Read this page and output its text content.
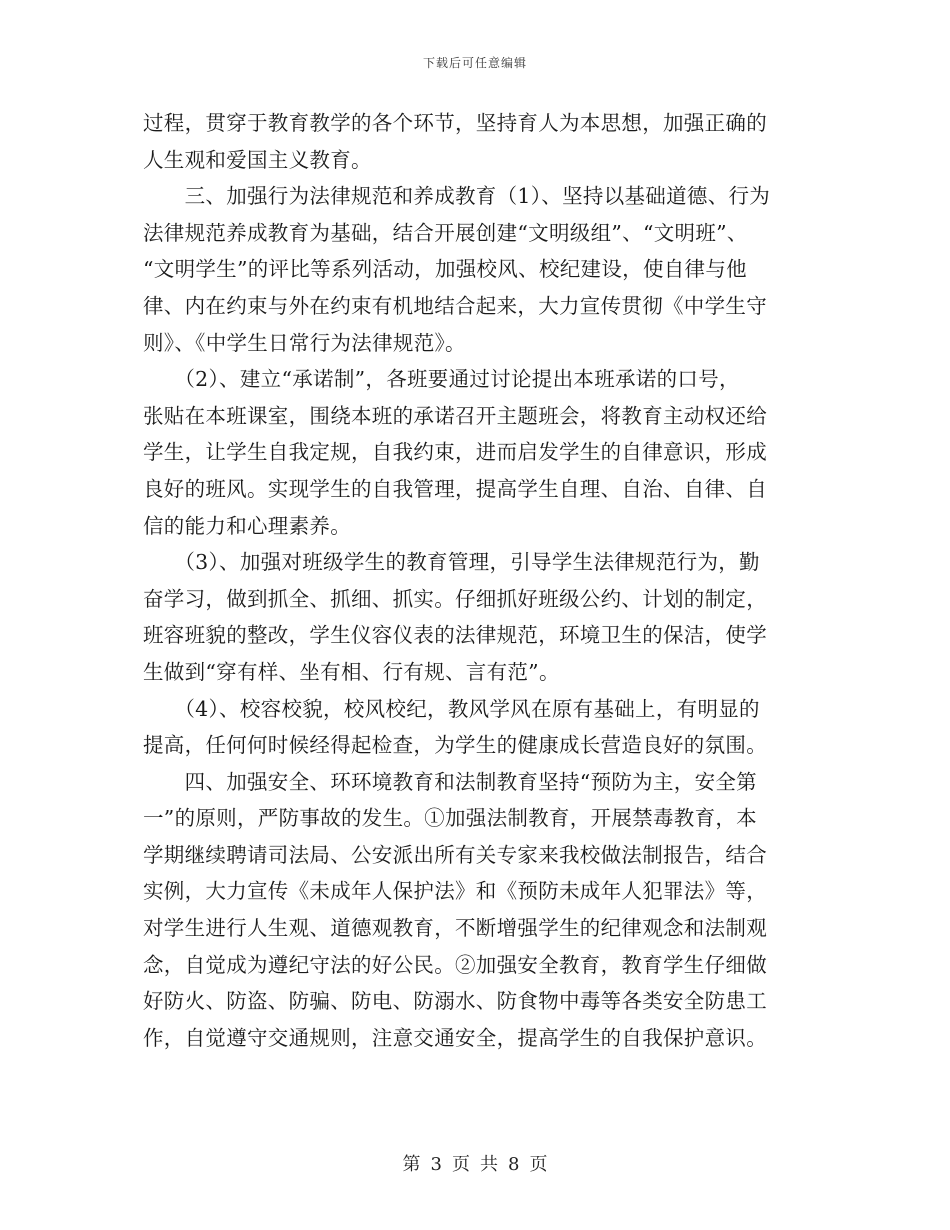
下载后可任意编辑
过程，贯穿于教育教学的各个环节，坚持育人为本思想，加强正确的
人生观和爱国主义教育。
　　三、加强行为法律规范和养成教育（1）、坚持以基础道德、行为
法律规范养成教育为基础，结合开展创建“文明级组”、“文明班”、
“文明学生”的评比等系列活动，加强校风、校纪建设，使自律与他
律、内在约束与外在约束有机地结合起来，大力宣传贯彻《中学生守
则》、《中学生日常行为法律规范》。
　　（2）、建立“承诺制”，各班要通过讨论提出本班承诺的口号，
张贴在本班课室，围绕本班的承诺召开主题班会，将教育主动权还给
学生，让学生自我定规，自我约束，进而启发学生的自律意识，形成
良好的班风。实现学生的自我管理，提高学生自理、自治、自律、自
信的能力和心理素养。
　　（3）、加强对班级学生的教育管理，引导学生法律规范行为，勤
奋学习，做到抓全、抓细、抓实。仔细抓好班级公约、计划的制定，
班容班貌的整改，学生仪容仪表的法律规范，环境卫生的保洁，使学
生做到“穿有样、坐有相、行有规、言有范”。
　　（4）、校容校貌，校风校纪，教风学风在原有基础上，有明显的
提高，任何何时候经得起检查，为学生的健康成长营造良好的氛围。
　　四、加强安全、环环境教育和法制教育坚持“预防为主，安全第
一”的原则，严防事故的发生。①加强法制教育，开展禁毒教育，本
学期继续聘请司法局、公安派出所有关专家来我校做法制报告，结合
实例，大力宣传《未成年人保护法》和《预防未成年人犯罪法》等，
对学生进行人生观、道德观教育，不断增强学生的纪律观念和法制观
念，自觉成为遵纪守法的好公民。②加强安全教育，教育学生仔细做
好防火、防盗、防骗、防电、防溺水、防食物中毒等各类安全防患工
作，自觉遵守交通规则，注意交通安全，提高学生的自我保护意识。
第 3 页 共 8 页
